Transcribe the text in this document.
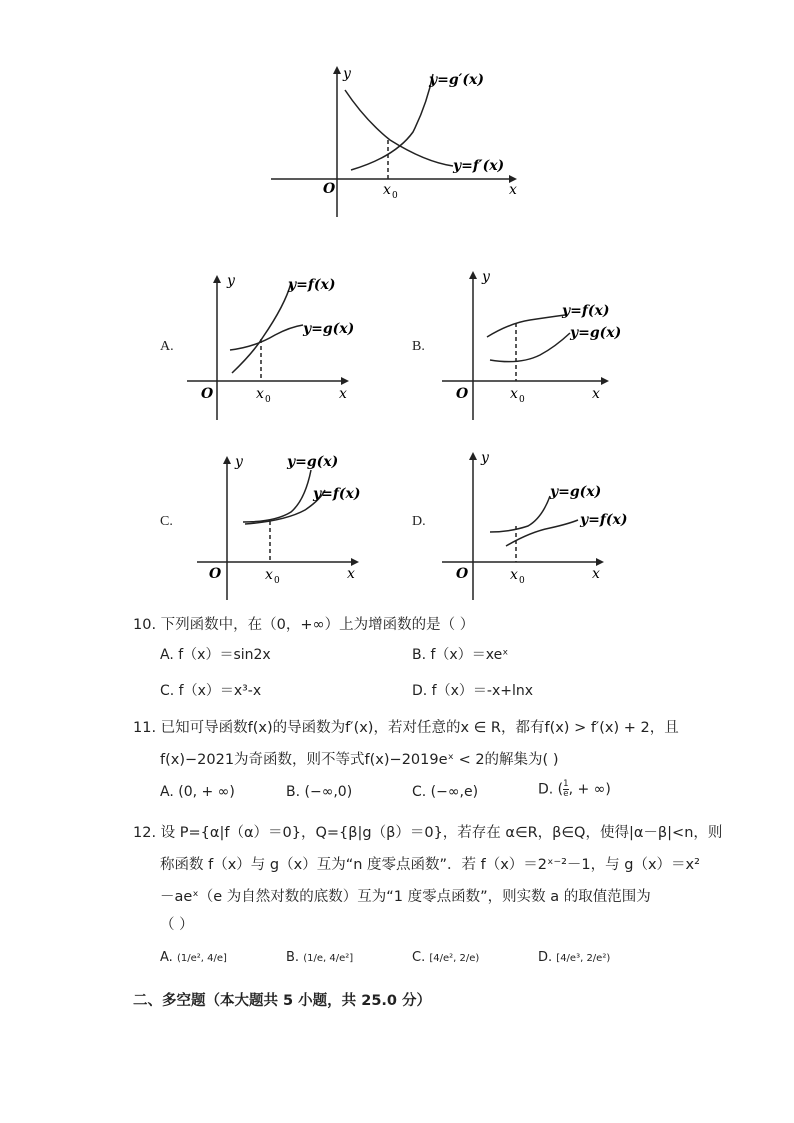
y
x
O	x 0
y=g′(x)
y=f′(x)
A.
y
x
O	x 0
y=f(x)
y=g(x)
B.
y
x
O	x 0
y=f(x)
y=g(x)
C.
y
x
O	x 0
y=g(x)
y=f(x)
D.
y
x
O	x 0
y=g(x)
y=f(x)
10. 下列函数中，在（0，+∞）上为增函数的是（ ）
A. f（x）＝sin2x	B. f（x）＝xeˣ
C. f（x）＝x³-x	D. f（x）＝-x+lnx
11. 已知可导函数f(x)的导函数为f′(x)，若对任意的x ∈ R，都有f(x) > f′(x) + 2，且
f(x)−2021为奇函数，则不等式f(x)−2019eˣ < 2的解集为( )
A. (0, + ∞)	B. (−∞,0)	C. (−∞,e)	D. ( $\frac{1}{e}$ , + ∞)
12. 设 P={α|f（α）＝0}，Q={β|g（β）＝0}，若存在 α∈R，β∈Q，使得|α－β|<n，则
称函数 f（x）与 g（x）互为“n 度零点函数”．若 f（x）＝2ˣ⁻²－1，与 g（x）＝x²
－aeˣ（e 为自然对数的底数）互为“1 度零点函数”，则实数 a 的取值范围为
（ ）
A. (1/e², 4/e]	B. (1/e, 4/e²]	C. [4/e², 2/e)	D. [4/e³, 2/e²)
二、多空题（本大题共 5 小题，共 25.0 分）
